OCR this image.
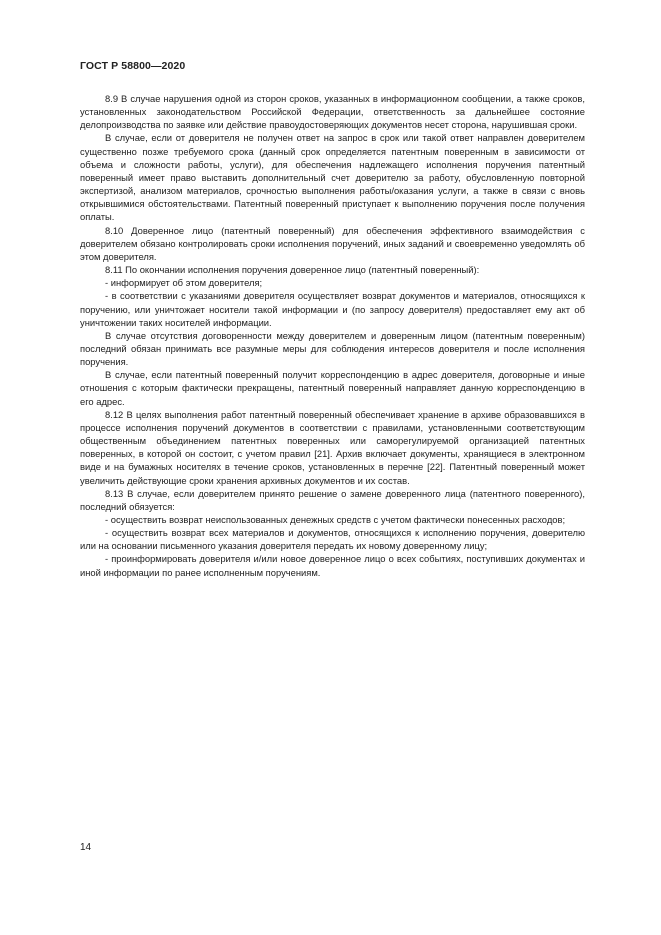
ГОСТ Р 58800—2020

8.9 В случае нарушения одной из сторон сроков, указанных в информационном сообщении, а также сроков, установленных законодательством Российской Федерации, ответственность за дальнейшее состояние делопроизводства по заявке или действие правоудостоверяющих документов несет сторона, нарушившая сроки.

В случае, если от доверителя не получен ответ на запрос в срок или такой ответ направлен доверителем существенно позже требуемого срока (данный срок определяется патентным поверенным в зависимости от объема и сложности работы, услуги), для обеспечения надлежащего исполнения поручения патентный поверенный имеет право выставить дополнительный счет доверителю за работу, обусловленную повторной экспертизой, анализом материалов, срочностью выполнения работы/оказания услуги, а также в связи с вновь открывшимися обстоятельствами. Патентный поверенный приступает к выполнению поручения после получения оплаты.

8.10 Доверенное лицо (патентный поверенный) для обеспечения эффективного взаимодействия с доверителем обязано контролировать сроки исполнения поручений, иных заданий и своевременно уведомлять об этом доверителя.

8.11 По окончании исполнения поручения доверенное лицо (патентный поверенный):

- информирует об этом доверителя;

- в соответствии с указаниями доверителя осуществляет возврат документов и материалов, относящихся к поручению, или уничтожает носители такой информации и (по запросу доверителя) предоставляет ему акт об уничтожении таких носителей информации.

В случае отсутствия договоренности между доверителем и доверенным лицом (патентным поверенным) последний обязан принимать все разумные меры для соблюдения интересов доверителя и после исполнения поручения.

В случае, если патентный поверенный получит корреспонденцию в адрес доверителя, договорные и иные отношения с которым фактически прекращены, патентный поверенный направляет данную корреспонденцию в его адрес.

8.12 В целях выполнения работ патентный поверенный обеспечивает хранение в архиве образовавшихся в процессе исполнения поручений документов в соответствии с правилами, установленными соответствующим общественным объединением патентных поверенных или саморегулируемой организацией патентных поверенных, в которой он состоит, с учетом правил [21]. Архив включает документы, хранящиеся в электронном виде и на бумажных носителях в течение сроков, установленных в перечне [22]. Патентный поверенный может увеличить действующие сроки хранения архивных документов и их состав.

8.13 В случае, если доверителем принято решение о замене доверенного лица (патентного поверенного), последний обязуется:

- осуществить возврат неиспользованных денежных средств с учетом фактически понесенных расходов;

- осуществить возврат всех материалов и документов, относящихся к исполнению поручения, доверителю или на основании письменного указания доверителя передать их новому доверенному лицу;

- проинформировать доверителя и/или новое доверенное лицо о всех событиях, поступивших документах и иной информации по ранее исполненным поручениям.

14
